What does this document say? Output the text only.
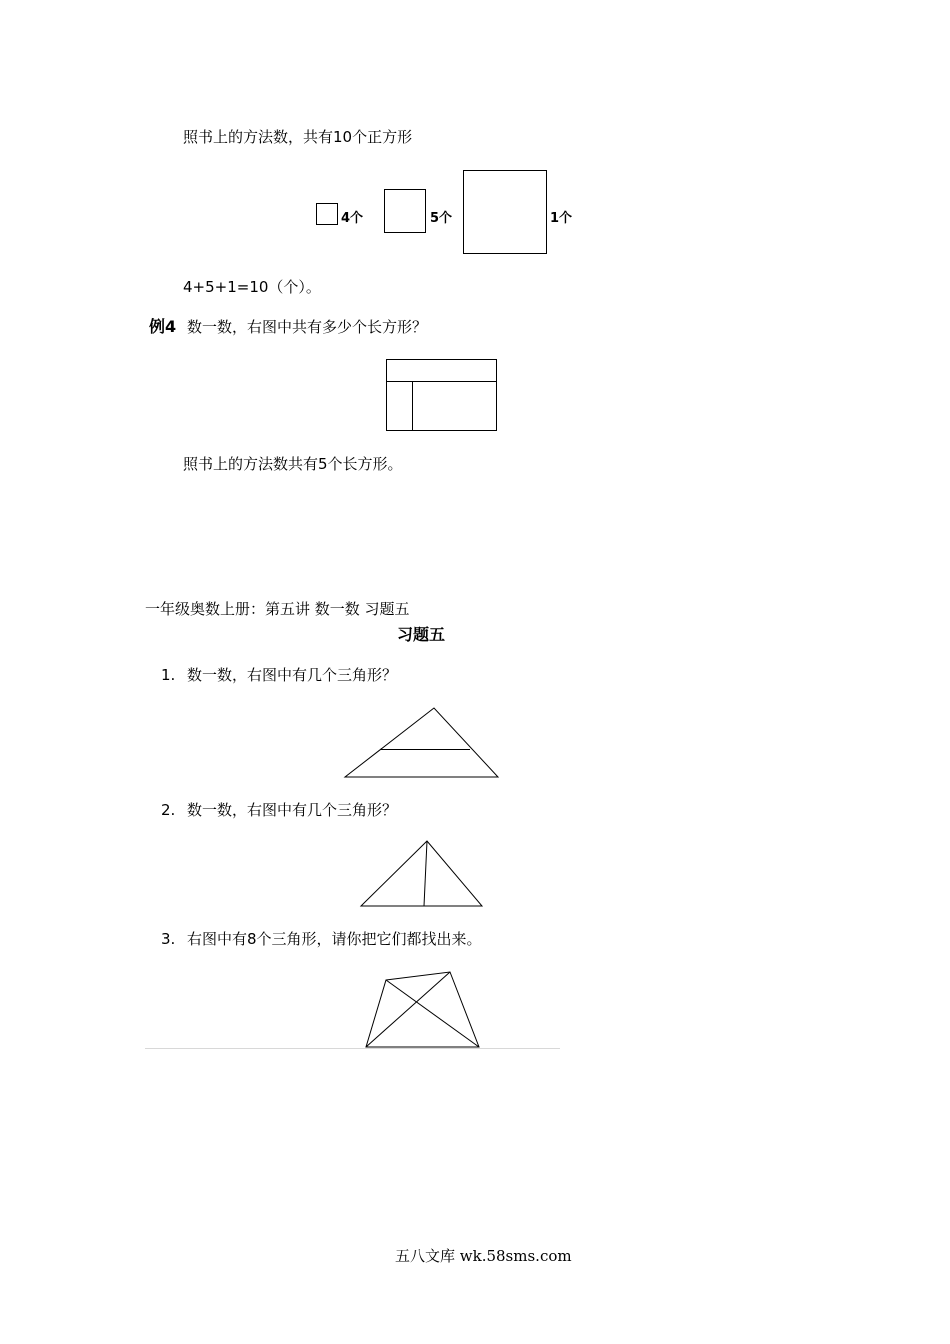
照书上的方法数，共有10个正方形
4个	5个	1个
4+5+1=10（个）。
例4 数一数，右图中共有多少个长方形？
照书上的方法数共有5个长方形。
一年级奥数上册：第五讲 数一数 习题五
习题五
1. 数一数，右图中有几个三角形？
2. 数一数，右图中有几个三角形？
3. 右图中有8个三角形，请你把它们都找出来。
五八文库 wk.58sms.com
